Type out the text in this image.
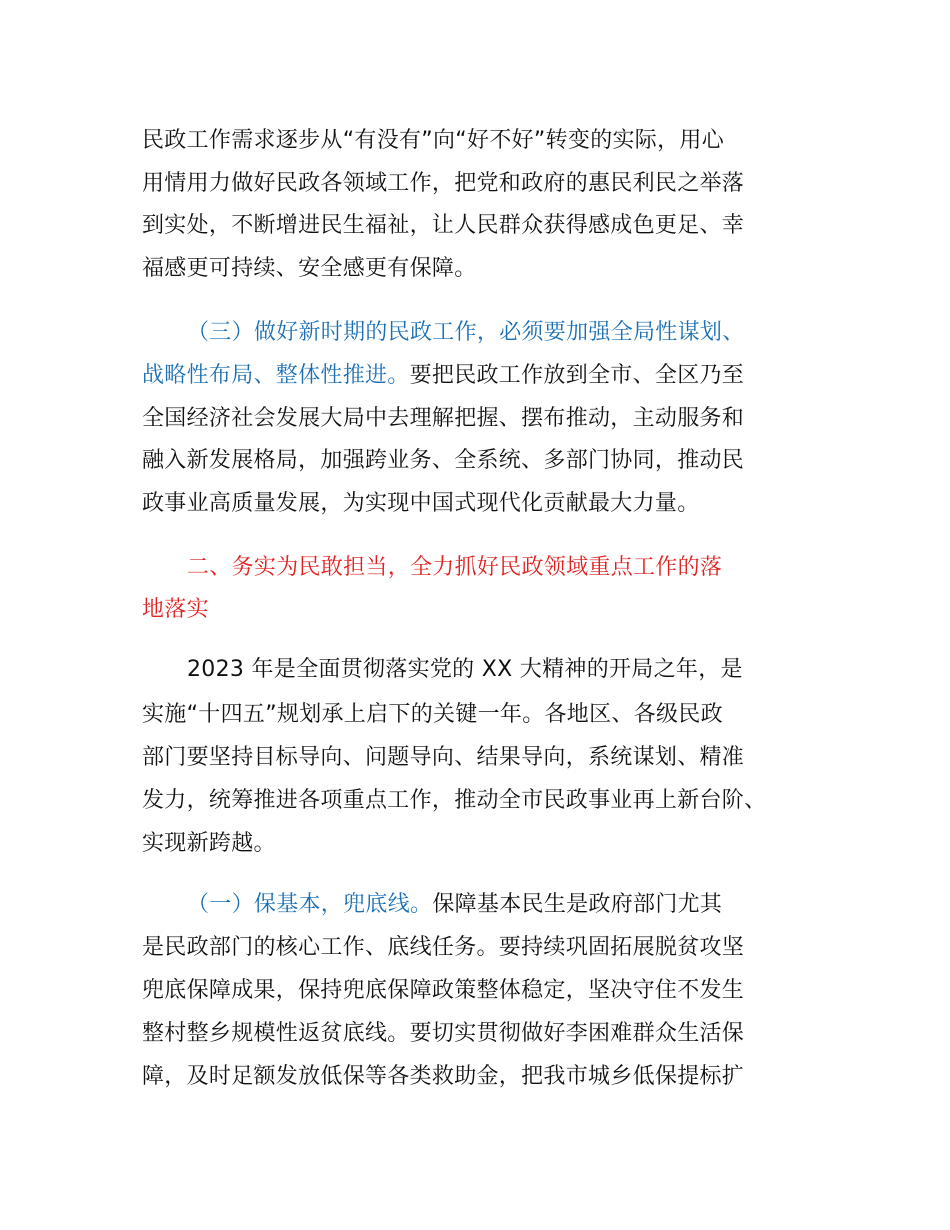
民政工作需求逐步从“有没有”向“好不好”转变的实际，用心
用情用力做好民政各领域工作，把党和政府的惠民利民之举落
到实处，不断增进民生福祉，让人民群众获得感成色更足、幸
福感更可持续、安全感更有保障。
（三）做好新时期的民政工作，必须要加强全局性谋划、
战略性布局、整体性推进。要把民政工作放到全市、全区乃至
全国经济社会发展大局中去理解把握、摆布推动，主动服务和
融入新发展格局，加强跨业务、全系统、多部门协同，推动民
政事业高质量发展，为实现中国式现代化贡献最大力量。
二、务实为民敢担当，全力抓好民政领域重点工作的落
地落实
2023 年是全面贯彻落实党的 XX 大精神的开局之年，是
实施“十四五”规划承上启下的关键一年。各地区、各级民政
部门要坚持目标导向、问题导向、结果导向，系统谋划、精准
发力，统筹推进各项重点工作，推动全市民政事业再上新台阶、
实现新跨越。
（一）保基本，兜底线。保障基本民生是政府部门尤其
是民政部门的核心工作、底线任务。要持续巩固拓展脱贫攻坚
兜底保障成果，保持兜底保障政策整体稳定，坚决守住不发生
整村整乡规模性返贫底线。要切实贯彻做好李困难群众生活保
障，及时足额发放低保等各类救助金，把我市城乡低保提标扩
